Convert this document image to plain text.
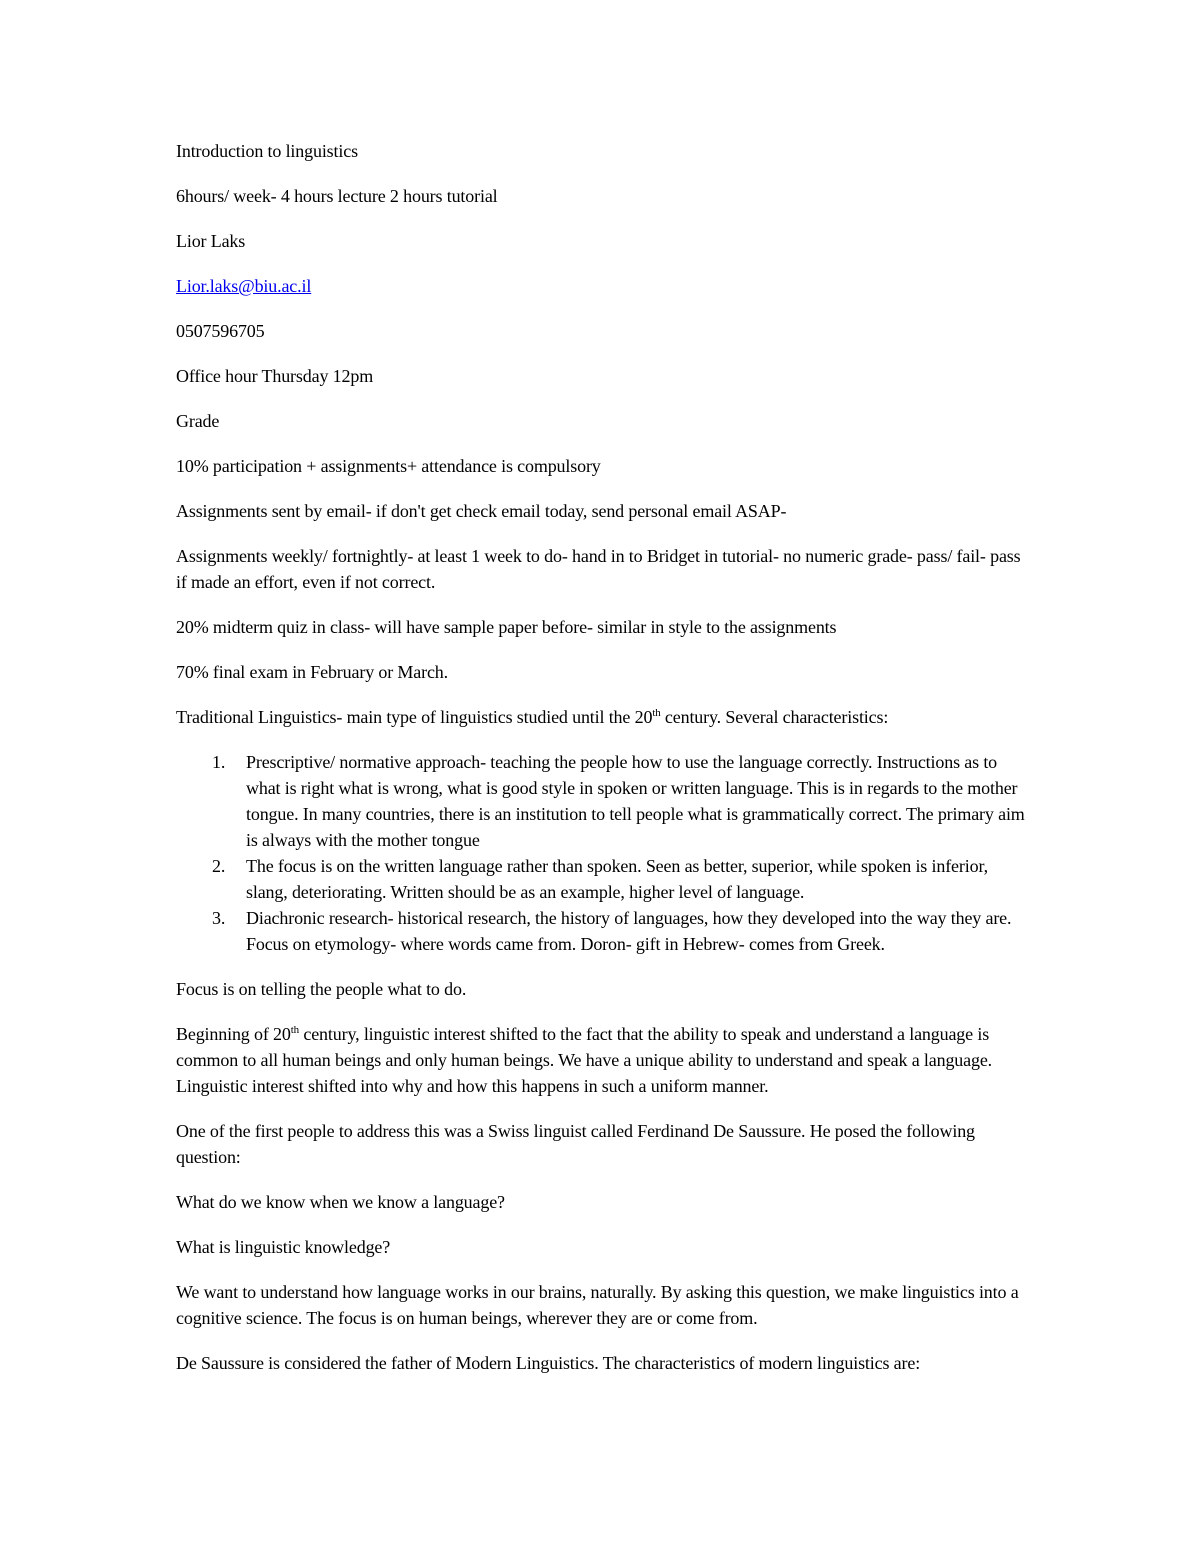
Introduction to linguistics

6hours/ week- 4 hours lecture 2 hours tutorial

Lior Laks

Lior.laks@biu.ac.il

0507596705

Office hour Thursday 12pm

Grade

10% participation + assignments+ attendance is compulsory

Assignments sent by email- if don't get check email today, send personal email ASAP-

Assignments weekly/ fortnightly- at least 1 week to do- hand in to Bridget in tutorial- no numeric grade- pass/ fail- pass if made an effort, even if not correct.

20% midterm quiz in class- will have sample paper before- similar in style to the assignments

70% final exam in February or March.

Traditional Linguistics- main type of linguistics studied until the 20th century. Several characteristics:

1. Prescriptive/ normative approach- teaching the people how to use the language correctly. Instructions as to what is right what is wrong, what is good style in spoken or written language. This is in regards to the mother tongue. In many countries, there is an institution to tell people what is grammatically correct. The primary aim is always with the mother tongue
2. The focus is on the written language rather than spoken. Seen as better, superior, while spoken is inferior, slang, deteriorating. Written should be as an example, higher level of language.
3. Diachronic research- historical research, the history of languages, how they developed into the way they are. Focus on etymology- where words came from. Doron- gift in Hebrew- comes from Greek.

Focus is on telling the people what to do.

Beginning of 20th century, linguistic interest shifted to the fact that the ability to speak and understand a language is common to all human beings and only human beings. We have a unique ability to understand and speak a language. Linguistic interest shifted into why and how this happens in such a uniform manner.

One of the first people to address this was a Swiss linguist called Ferdinand De Saussure. He posed the following question:

What do we know when we know a language?

What is linguistic knowledge?

We want to understand how language works in our brains, naturally. By asking this question, we make linguistics into a cognitive science. The focus is on human beings, wherever they are or come from.

De Saussure is considered the father of Modern Linguistics. The characteristics of modern linguistics are:
